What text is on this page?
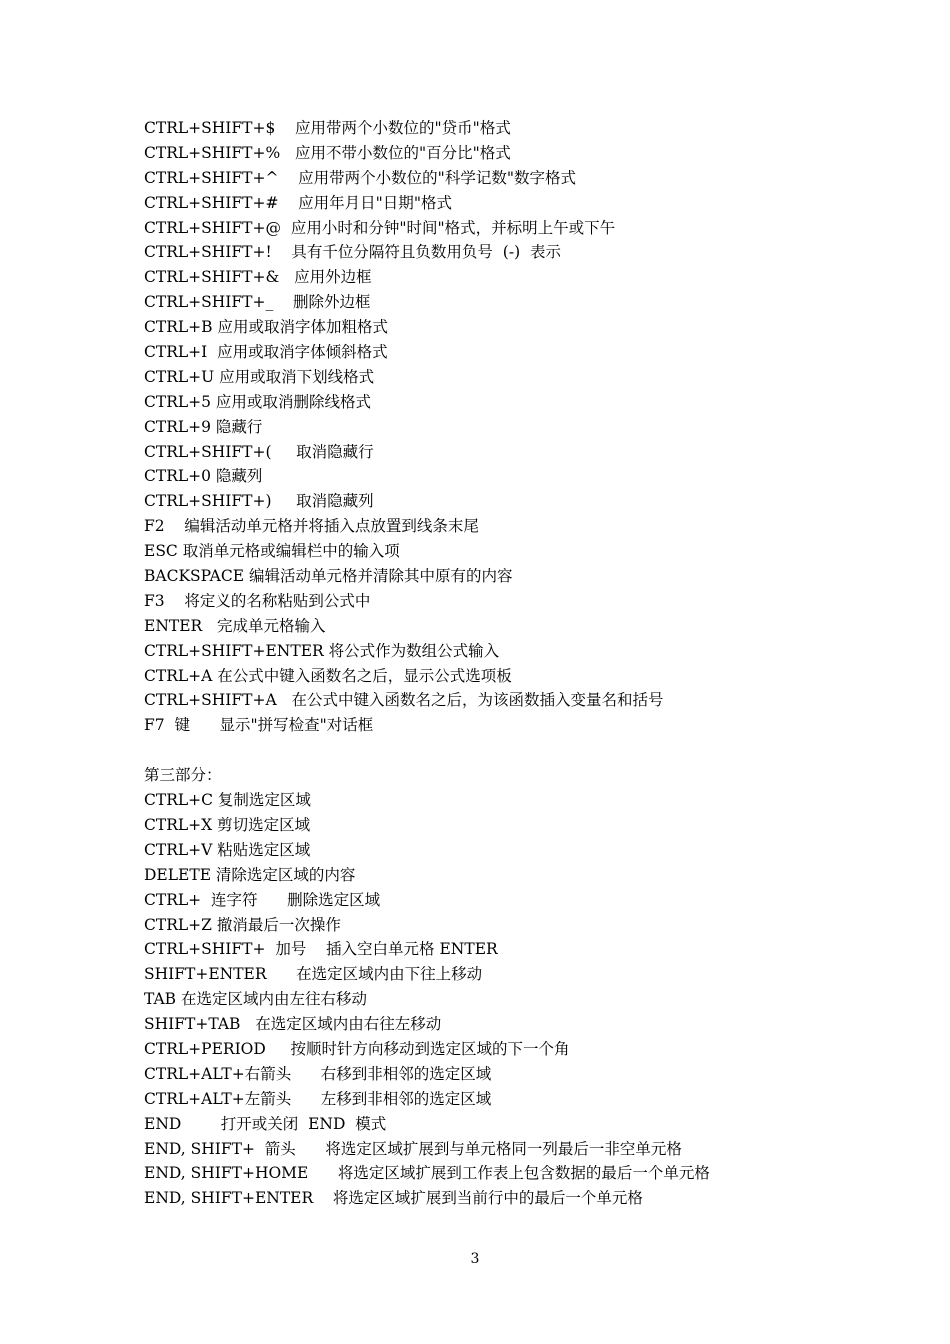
CTRL+SHIFT+$    应用带两个小数位的"贷币"格式
CTRL+SHIFT+%   应用不带小数位的"百分比"格式
CTRL+SHIFT+^    应用带两个小数位的"科学记数"数字格式
CTRL+SHIFT+#    应用年月日"日期"格式
CTRL+SHIFT+@  应用小时和分钟"时间"格式，并标明上午或下午
CTRL+SHIFT+!    具有千位分隔符且负数用负号  (-)  表示
CTRL+SHIFT+&   应用外边框
CTRL+SHIFT+_    删除外边框
CTRL+B 应用或取消字体加粗格式
CTRL+I  应用或取消字体倾斜格式
CTRL+U 应用或取消下划线格式
CTRL+5 应用或取消删除线格式
CTRL+9 隐藏行
CTRL+SHIFT+(     取消隐藏行
CTRL+0 隐藏列
CTRL+SHIFT+)     取消隐藏列
F2    编辑活动单元格并将插入点放置到线条末尾
ESC 取消单元格或编辑栏中的输入项
BACKSPACE 编辑活动单元格并清除其中原有的内容
F3    将定义的名称粘贴到公式中
ENTER   完成单元格输入
CTRL+SHIFT+ENTER 将公式作为数组公式输入
CTRL+A 在公式中键入函数名之后，显示公式选项板
CTRL+SHIFT+A   在公式中键入函数名之后，为该函数插入变量名和括号
F7  键      显示"拼写检查"对话框
第三部分：
CTRL+C 复制选定区域
CTRL+X 剪切选定区域
CTRL+V 粘贴选定区域
DELETE 清除选定区域的内容
CTRL+  连字符      删除选定区域
CTRL+Z 撤消最后一次操作
CTRL+SHIFT+  加号    插入空白单元格 ENTER
SHIFT+ENTER      在选定区域内由下往上移动
TAB 在选定区域内由左往右移动
SHIFT+TAB   在选定区域内由右往左移动
CTRL+PERIOD     按顺时针方向移动到选定区域的下一个角
CTRL+ALT+右箭头      右移到非相邻的选定区域
CTRL+ALT+左箭头      左移到非相邻的选定区域
END        打开或关闭  END  模式
END, SHIFT+  箭头      将选定区域扩展到与单元格同一列最后一非空单元格
END, SHIFT+HOME      将选定区域扩展到工作表上包含数据的最后一个单元格
END, SHIFT+ENTER    将选定区域扩展到当前行中的最后一个单元格
3
